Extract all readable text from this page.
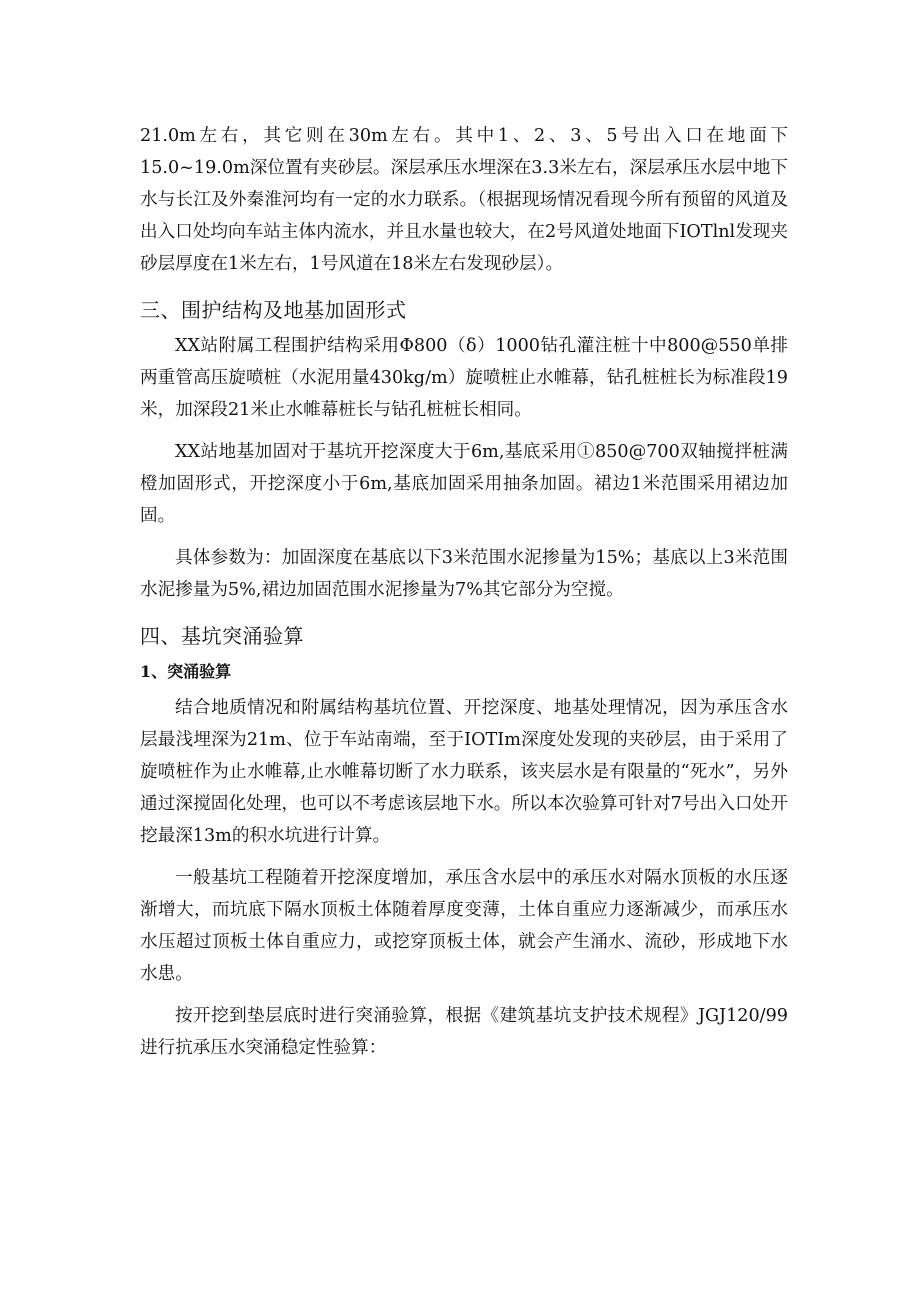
21.0m左右，其它则在30m左右。其中1、2、3、5号出入口在地面下15.0~19.0m深位置有夹砂层。深层承压水埋深在3.3米左右，深层承压水层中地下水与长江及外秦淮河均有一定的水力联系。（根据现场情况看现今所有预留的风道及出入口处均向车站主体内流水，并且水量也较大，在2号风道处地面下IOTlnl发现夹砂层厚度在1米左右，1号风道在18米左右发现砂层）。

三、围护结构及地基加固形式

XX站附属工程围护结构采用Φ800（δ）1000钻孔灌注桩十中800@550单排两重管高压旋喷桩（水泥用量430kg∕m）旋喷桩止水帷幕，钻孔桩桩长为标准段19米，加深段21米止水帷幕桩长与钻孔桩桩长相同。

XX站地基加固对于基坑开挖深度大于6m,基底采用①850@700双轴搅拌桩满橙加固形式，开挖深度小于6m,基底加固采用抽条加固。裙边1米范围采用裙边加固。

具体参数为：加固深度在基底以下3米范围水泥掺量为15%；基底以上3米范围水泥掺量为5%,裙边加固范围水泥掺量为7%其它部分为空搅。

四、基坑突涌验算
1、突涌验算

结合地质情况和附属结构基坑位置、开挖深度、地基处理情况，因为承压含水层最浅埋深为21m、位于车站南端，至于IOTIm深度处发现的夹砂层，由于采用了旋喷桩作为止水帷幕,止水帷幕切断了水力联系，该夹层水是有限量的“死水”，另外通过深搅固化处理，也可以不考虑该层地下水。所以本次验算可针对7号出入口处开挖最深13m的积水坑进行计算。

一般基坑工程随着开挖深度增加，承压含水层中的承压水对隔水顶板的水压逐渐增大，而坑底下隔水顶板土体随着厚度变薄，土体自重应力逐渐减少，而承压水水压超过顶板土体自重应力，或挖穿顶板土体，就会产生涌水、流砂，形成地下水水患。

按开挖到垫层底时进行突涌验算，根据《建筑基坑支护技术规程》JGJ120/99进行抗承压水突涌稳定性验算：
